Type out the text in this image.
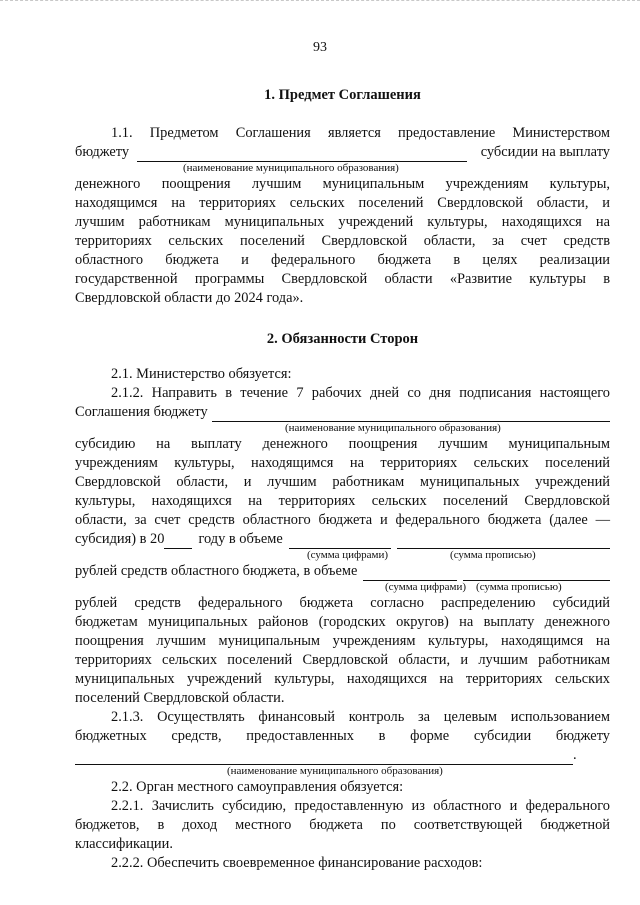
93
1. Предмет Соглашения
1.1. Предметом Соглашения является предоставление Министерством
бюджету	субсидии на выплату
(наименование муниципального образования)
денежного поощрения лучшим муниципальным учреждениям культуры,
находящимся на территориях сельских поселений Свердловской области, и
лучшим работникам муниципальных учреждений культуры, находящихся на
территориях сельских поселений Свердловской области, за счет средств
областного бюджета и федерального бюджета в целях реализации
государственной программы Свердловской области «Развитие культуры в
Свердловской области до 2024 года».
2. Обязанности Сторон
2.1. Министерство обязуется:
2.1.2. Направить в течение 7 рабочих дней со дня подписания настоящего
Соглашения бюджету
(наименование муниципального образования)
субсидию на выплату денежного поощрения лучшим муниципальным
учреждениям культуры, находящимся на территориях сельских поселений
Свердловской области, и лучшим работникам муниципальных учреждений
культуры, находящихся на территориях сельских поселений Свердловской
области, за счет средств областного бюджета и федерального бюджета (далее —
субсидия) в 20 году в объеме
(сумма цифрами)	(сумма прописью)
рублей средств областного бюджета, в объеме
(сумма цифрами) (сумма прописью)
рублей средств федерального бюджета согласно распределению субсидий
бюджетам муниципальных районов (городских округов) на выплату денежного
поощрения лучшим муниципальным учреждениям культуры, находящимся на
территориях сельских поселений Свердловской области, и лучшим работникам
муниципальных учреждений культуры, находящихся на территориях сельских
поселений Свердловской области.
2.1.3. Осуществлять финансовый контроль за целевым использованием
бюджетных средств, предоставленных в форме субсидии бюджету
.
(наименование муниципального образования)
2.2. Орган местного самоуправления обязуется:
2.2.1. Зачислить субсидию, предоставленную из областного и федерального
бюджетов, в доход местного бюджета по соответствующей бюджетной
классификации.
2.2.2. Обеспечить своевременное финансирование расходов:
